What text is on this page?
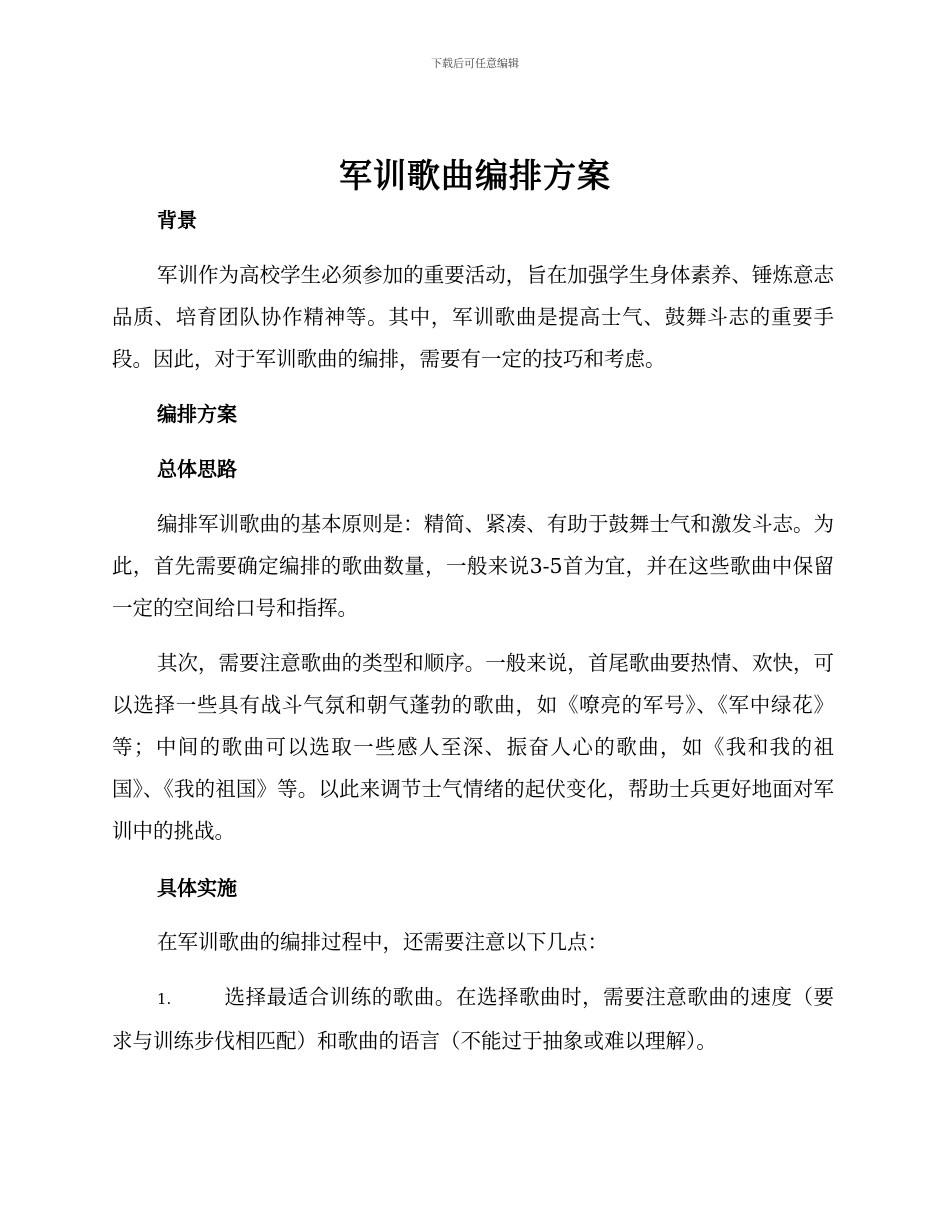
下载后可任意编辑
军训歌曲编排方案
背景
军训作为高校学生必须参加的重要活动，旨在加强学生身体素养、锤炼意志品质、培育团队协作精神等。其中，军训歌曲是提高士气、鼓舞斗志的重要手段。因此，对于军训歌曲的编排，需要有一定的技巧和考虑。
编排方案
总体思路
编排军训歌曲的基本原则是：精简、紧凑、有助于鼓舞士气和激发斗志。为此，首先需要确定编排的歌曲数量，一般来说3-5首为宜，并在这些歌曲中保留一定的空间给口号和指挥。
其次，需要注意歌曲的类型和顺序。一般来说，首尾歌曲要热情、欢快，可以选择一些具有战斗气氛和朝气蓬勃的歌曲，如《嘹亮的军号》、《军中绿花》等；中间的歌曲可以选取一些感人至深、振奋人心的歌曲，如《我和我的祖国》、《我的祖国》等。以此来调节士气情绪的起伏变化，帮助士兵更好地面对军训中的挑战。
具体实施
在军训歌曲的编排过程中，还需要注意以下几点：
1.	选择最适合训练的歌曲。在选择歌曲时，需要注意歌曲的速度（要求与训练步伐相匹配）和歌曲的语言（不能过于抽象或难以理解）。
